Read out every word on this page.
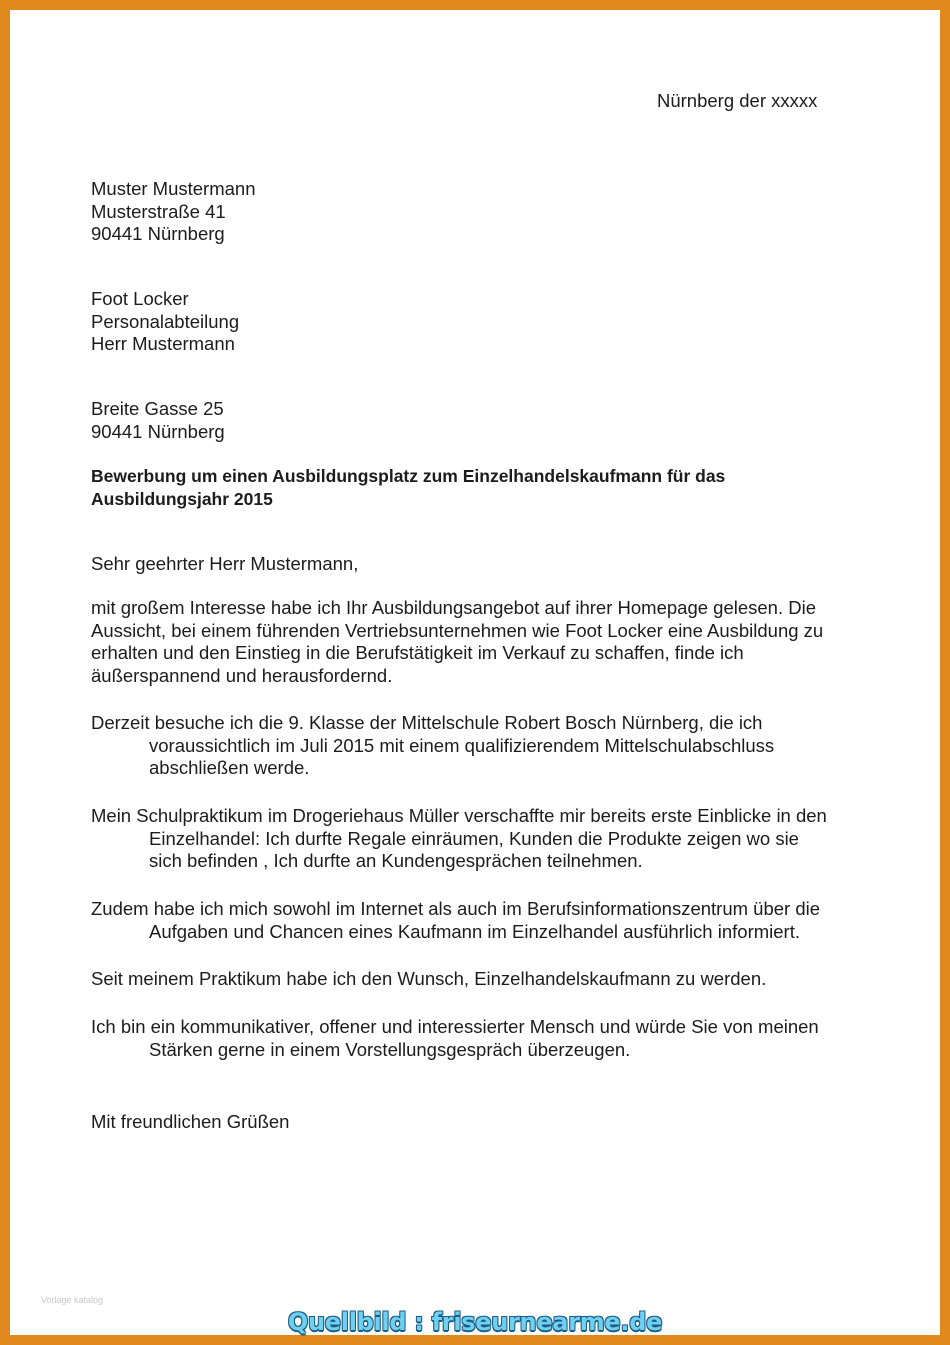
Nürnberg der xxxxx
Muster Mustermann
Musterstraße 41
90441 Nürnberg
Foot Locker
Personalabteilung
Herr Mustermann
Breite Gasse 25
90441 Nürnberg
Bewerbung um einen Ausbildungsplatz zum Einzelhandelskaufmann für das
Ausbildungsjahr 2015
Sehr geehrter Herr Mustermann,
mit großem Interesse habe ich Ihr Ausbildungsangebot auf ihrer Homepage gelesen. Die
Aussicht, bei einem führenden Vertriebsunternehmen wie Foot Locker eine Ausbildung zu
erhalten und den Einstieg in die Berufstätigkeit im Verkauf zu schaffen, finde ich
äußerspannend und herausfordernd.
Derzeit besuche ich die 9. Klasse der Mittelschule Robert Bosch Nürnberg, die ich
voraussichtlich im Juli 2015 mit einem qualifizierendem Mittelschulabschluss
abschließen werde.
Mein Schulpraktikum im Drogeriehaus Müller verschaffte mir bereits erste Einblicke in den
Einzelhandel: Ich durfte Regale einräumen, Kunden die Produkte zeigen wo sie
sich befinden , Ich durfte an Kundengesprächen teilnehmen.
Zudem habe ich mich sowohl im Internet als auch im Berufsinformationszentrum über die
Aufgaben und Chancen eines Kaufmann im Einzelhandel ausführlich informiert.
Seit meinem Praktikum habe ich den Wunsch, Einzelhandelskaufmann zu werden.
Ich bin ein kommunikativer, offener und interessierter Mensch und würde Sie von meinen
Stärken gerne in einem Vorstellungsgespräch überzeugen.
Mit freundlichen Grüßen
Vorlage katalog
Quellbild : friseurnearme.de
